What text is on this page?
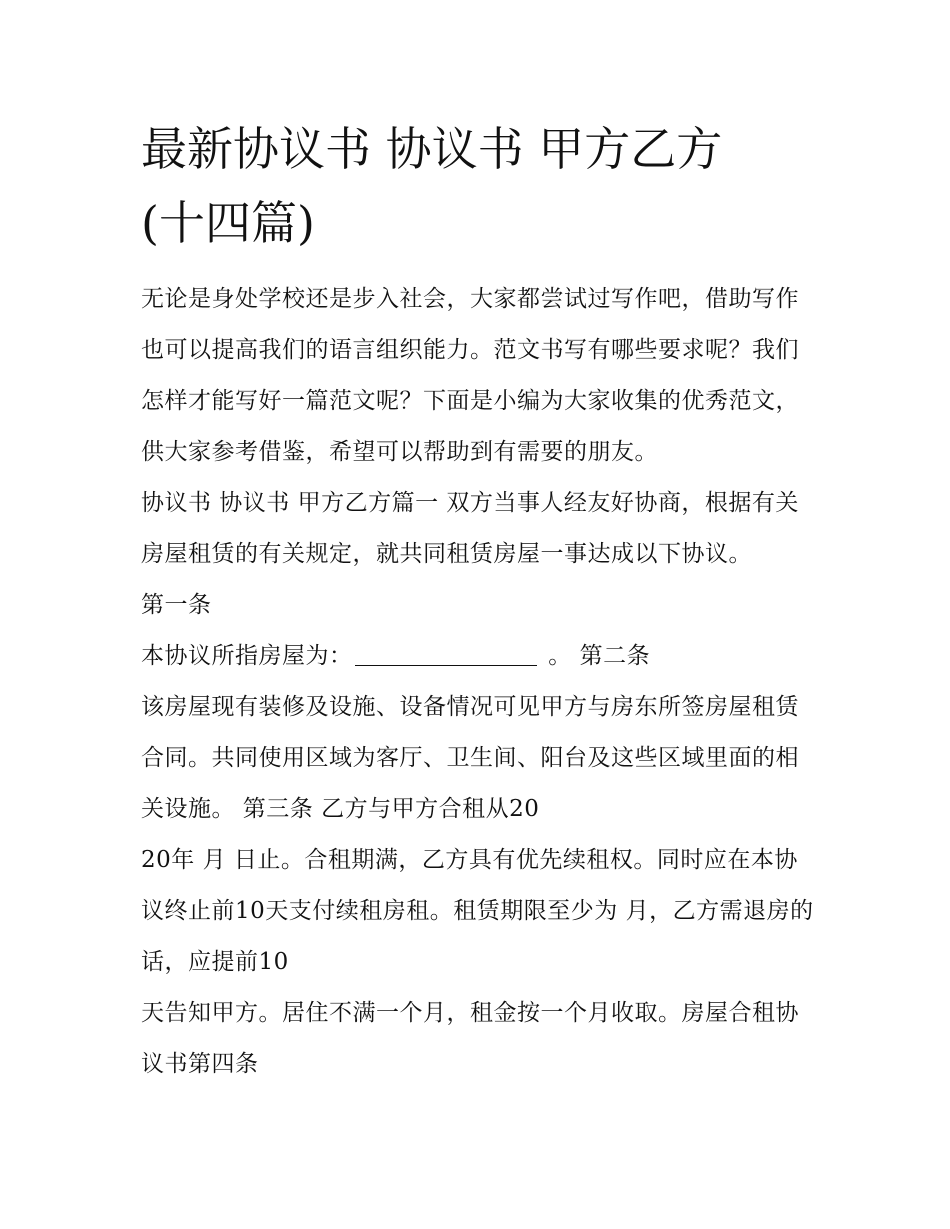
最新协议书 协议书 甲方乙方
(十四篇)

无论是身处学校还是步入社会，大家都尝试过写作吧，借助写作也可以提高我们的语言组织能力。范文书写有哪些要求呢？我们怎样才能写好一篇范文呢？下面是小编为大家收集的优秀范文，供大家参考借鉴，希望可以帮助到有需要的朋友。

协议书 协议书 甲方乙方篇一 双方当事人经友好协商，根据有关房屋租赁的有关规定，就共同租赁房屋一事达成以下协议。

第一条

本协议所指房屋为：	。 第二条

该房屋现有装修及设施、设备情况可见甲方与房东所签房屋租赁合同。共同使用区域为客厅、卫生间、阳台及这些区域里面的相关设施。 第三条 乙方与甲方合租从20

20年 月 日止。合租期满，乙方具有优先续租权。同时应在本协议终止前10天支付续租房租。租赁期限至少为 月，乙方需退房的话，应提前10

天告知甲方。居住不满一个月，租金按一个月收取。房屋合租协议书第四条
